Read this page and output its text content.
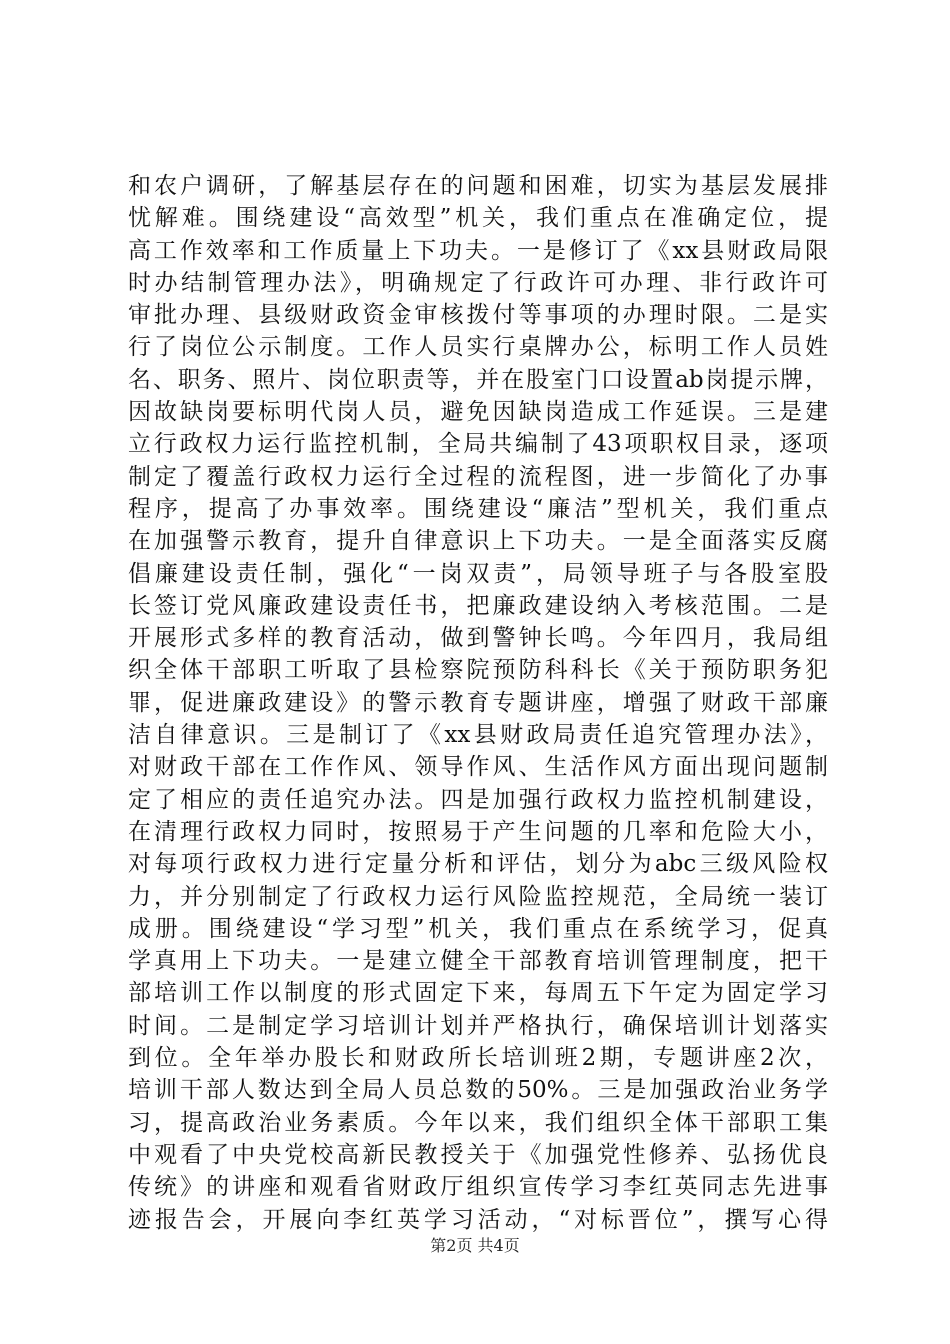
和农户调研，了解基层存在的问题和困难，切实为基层发展排
忧解难。围绕建设“高效型”机关，我们重点在准确定位，提
高工作效率和工作质量上下功夫。一是修订了《xx县财政局限
时办结制管理办法》，明确规定了行政许可办理、非行政许可
审批办理、县级财政资金审核拨付等事项的办理时限。二是实
行了岗位公示制度。工作人员实行桌牌办公，标明工作人员姓
名、职务、照片、岗位职责等，并在股室门口设置ab岗提示牌，
因故缺岗要标明代岗人员，避免因缺岗造成工作延误。三是建
立行政权力运行监控机制，全局共编制了43项职权目录，逐项
制定了覆盖行政权力运行全过程的流程图，进一步简化了办事
程序，提高了办事效率。围绕建设“廉洁”型机关，我们重点
在加强警示教育，提升自律意识上下功夫。一是全面落实反腐
倡廉建设责任制，强化“一岗双责”，局领导班子与各股室股
长签订党风廉政建设责任书，把廉政建设纳入考核范围。二是
开展形式多样的教育活动，做到警钟长鸣。今年四月，我局组
织全体干部职工听取了县检察院预防科科长《关于预防职务犯
罪，促进廉政建设》的警示教育专题讲座，增强了财政干部廉
洁自律意识。三是制订了《xx县财政局责任追究管理办法》，
对财政干部在工作作风、领导作风、生活作风方面出现问题制
定了相应的责任追究办法。四是加强行政权力监控机制建设，
在清理行政权力同时，按照易于产生问题的几率和危险大小，
对每项行政权力进行定量分析和评估，划分为abc三级风险权
力，并分别制定了行政权力运行风险监控规范，全局统一装订
成册。围绕建设“学习型”机关，我们重点在系统学习，促真
学真用上下功夫。一是建立健全干部教育培训管理制度，把干
部培训工作以制度的形式固定下来，每周五下午定为固定学习
时间。二是制定学习培训计划并严格执行，确保培训计划落实
到位。全年举办股长和财政所长培训班2期，专题讲座2次，
培训干部人数达到全局人员总数的50%。三是加强政治业务学
习，提高政治业务素质。今年以来，我们组织全体干部职工集
中观看了中央党校高新民教授关于《加强党性修养、弘扬优良
传统》的讲座和观看省财政厅组织宣传学习李红英同志先进事
迹报告会，开展向李红英学习活动，“对标晋位”，撰写心得
第2页 共4页
